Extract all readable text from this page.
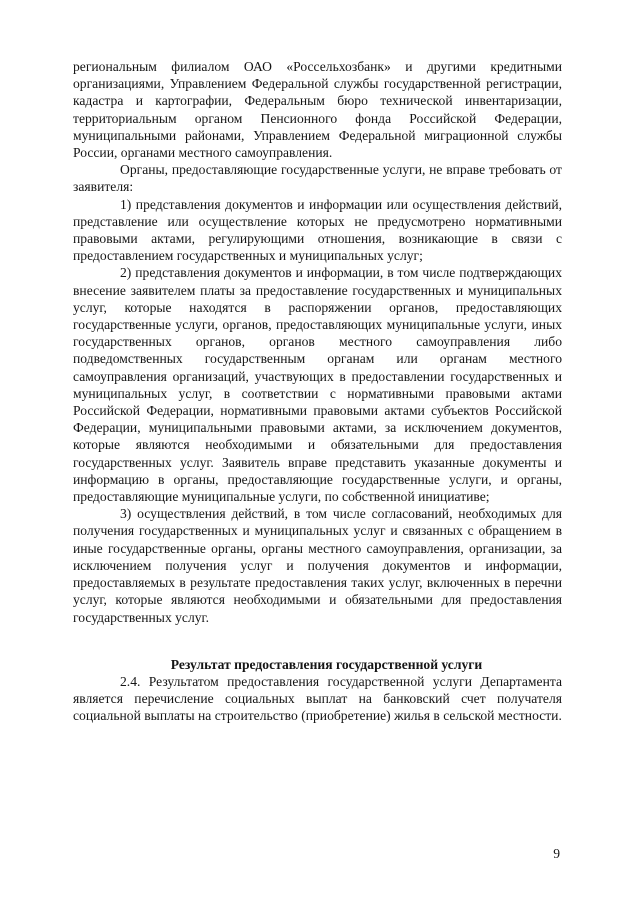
региональным филиалом ОАО «Россельхозбанк» и другими кредитными организациями, Управлением Федеральной службы государственной регистрации, кадастра и картографии, Федеральным бюро технической инвентаризации, территориальным органом Пенсионного фонда Российской Федерации, муниципальными районами, Управлением Федеральной миграционной службы России, органами местного самоуправления.

Органы, предоставляющие государственные услуги, не вправе требовать от заявителя:

1) представления документов и информации или осуществления действий, представление или осуществление которых не предусмотрено нормативными правовыми актами, регулирующими отношения, возникающие в связи с предоставлением государственных и муниципальных услуг;

2) представления документов и информации, в том числе подтверждающих внесение заявителем платы за предоставление государственных и муниципальных услуг, которые находятся в распоряжении органов, предоставляющих государственные услуги, органов, предоставляющих муниципальные услуги, иных государственных органов, органов местного самоуправления либо подведомственных государственным органам или органам местного самоуправления организаций, участвующих в предоставлении государственных и муниципальных услуг, в соответствии с нормативными правовыми актами Российской Федерации, нормативными правовыми актами субъектов Российской Федерации, муниципальными правовыми актами, за исключением документов, которые являются необходимыми и обязательными для предоставления государственных услуг. Заявитель вправе представить указанные документы и информацию в органы, предоставляющие государственные услуги, и органы, предоставляющие муниципальные услуги, по собственной инициативе;

3) осуществления действий, в том числе согласований, необходимых для получения государственных и муниципальных услуг и связанных с обращением в иные государственные органы, органы местного самоуправления, организации, за исключением получения услуг и получения документов и информации, предоставляемых в результате предоставления таких услуг, включенных в перечни услуг, которые являются необходимыми и обязательными для предоставления государственных услуг.

Результат предоставления государственной услуги

2.4. Результатом предоставления государственной услуги Департамента является перечисление социальных выплат на банковский счет получателя социальной выплаты на строительство (приобретение) жилья в сельской местности.

9
